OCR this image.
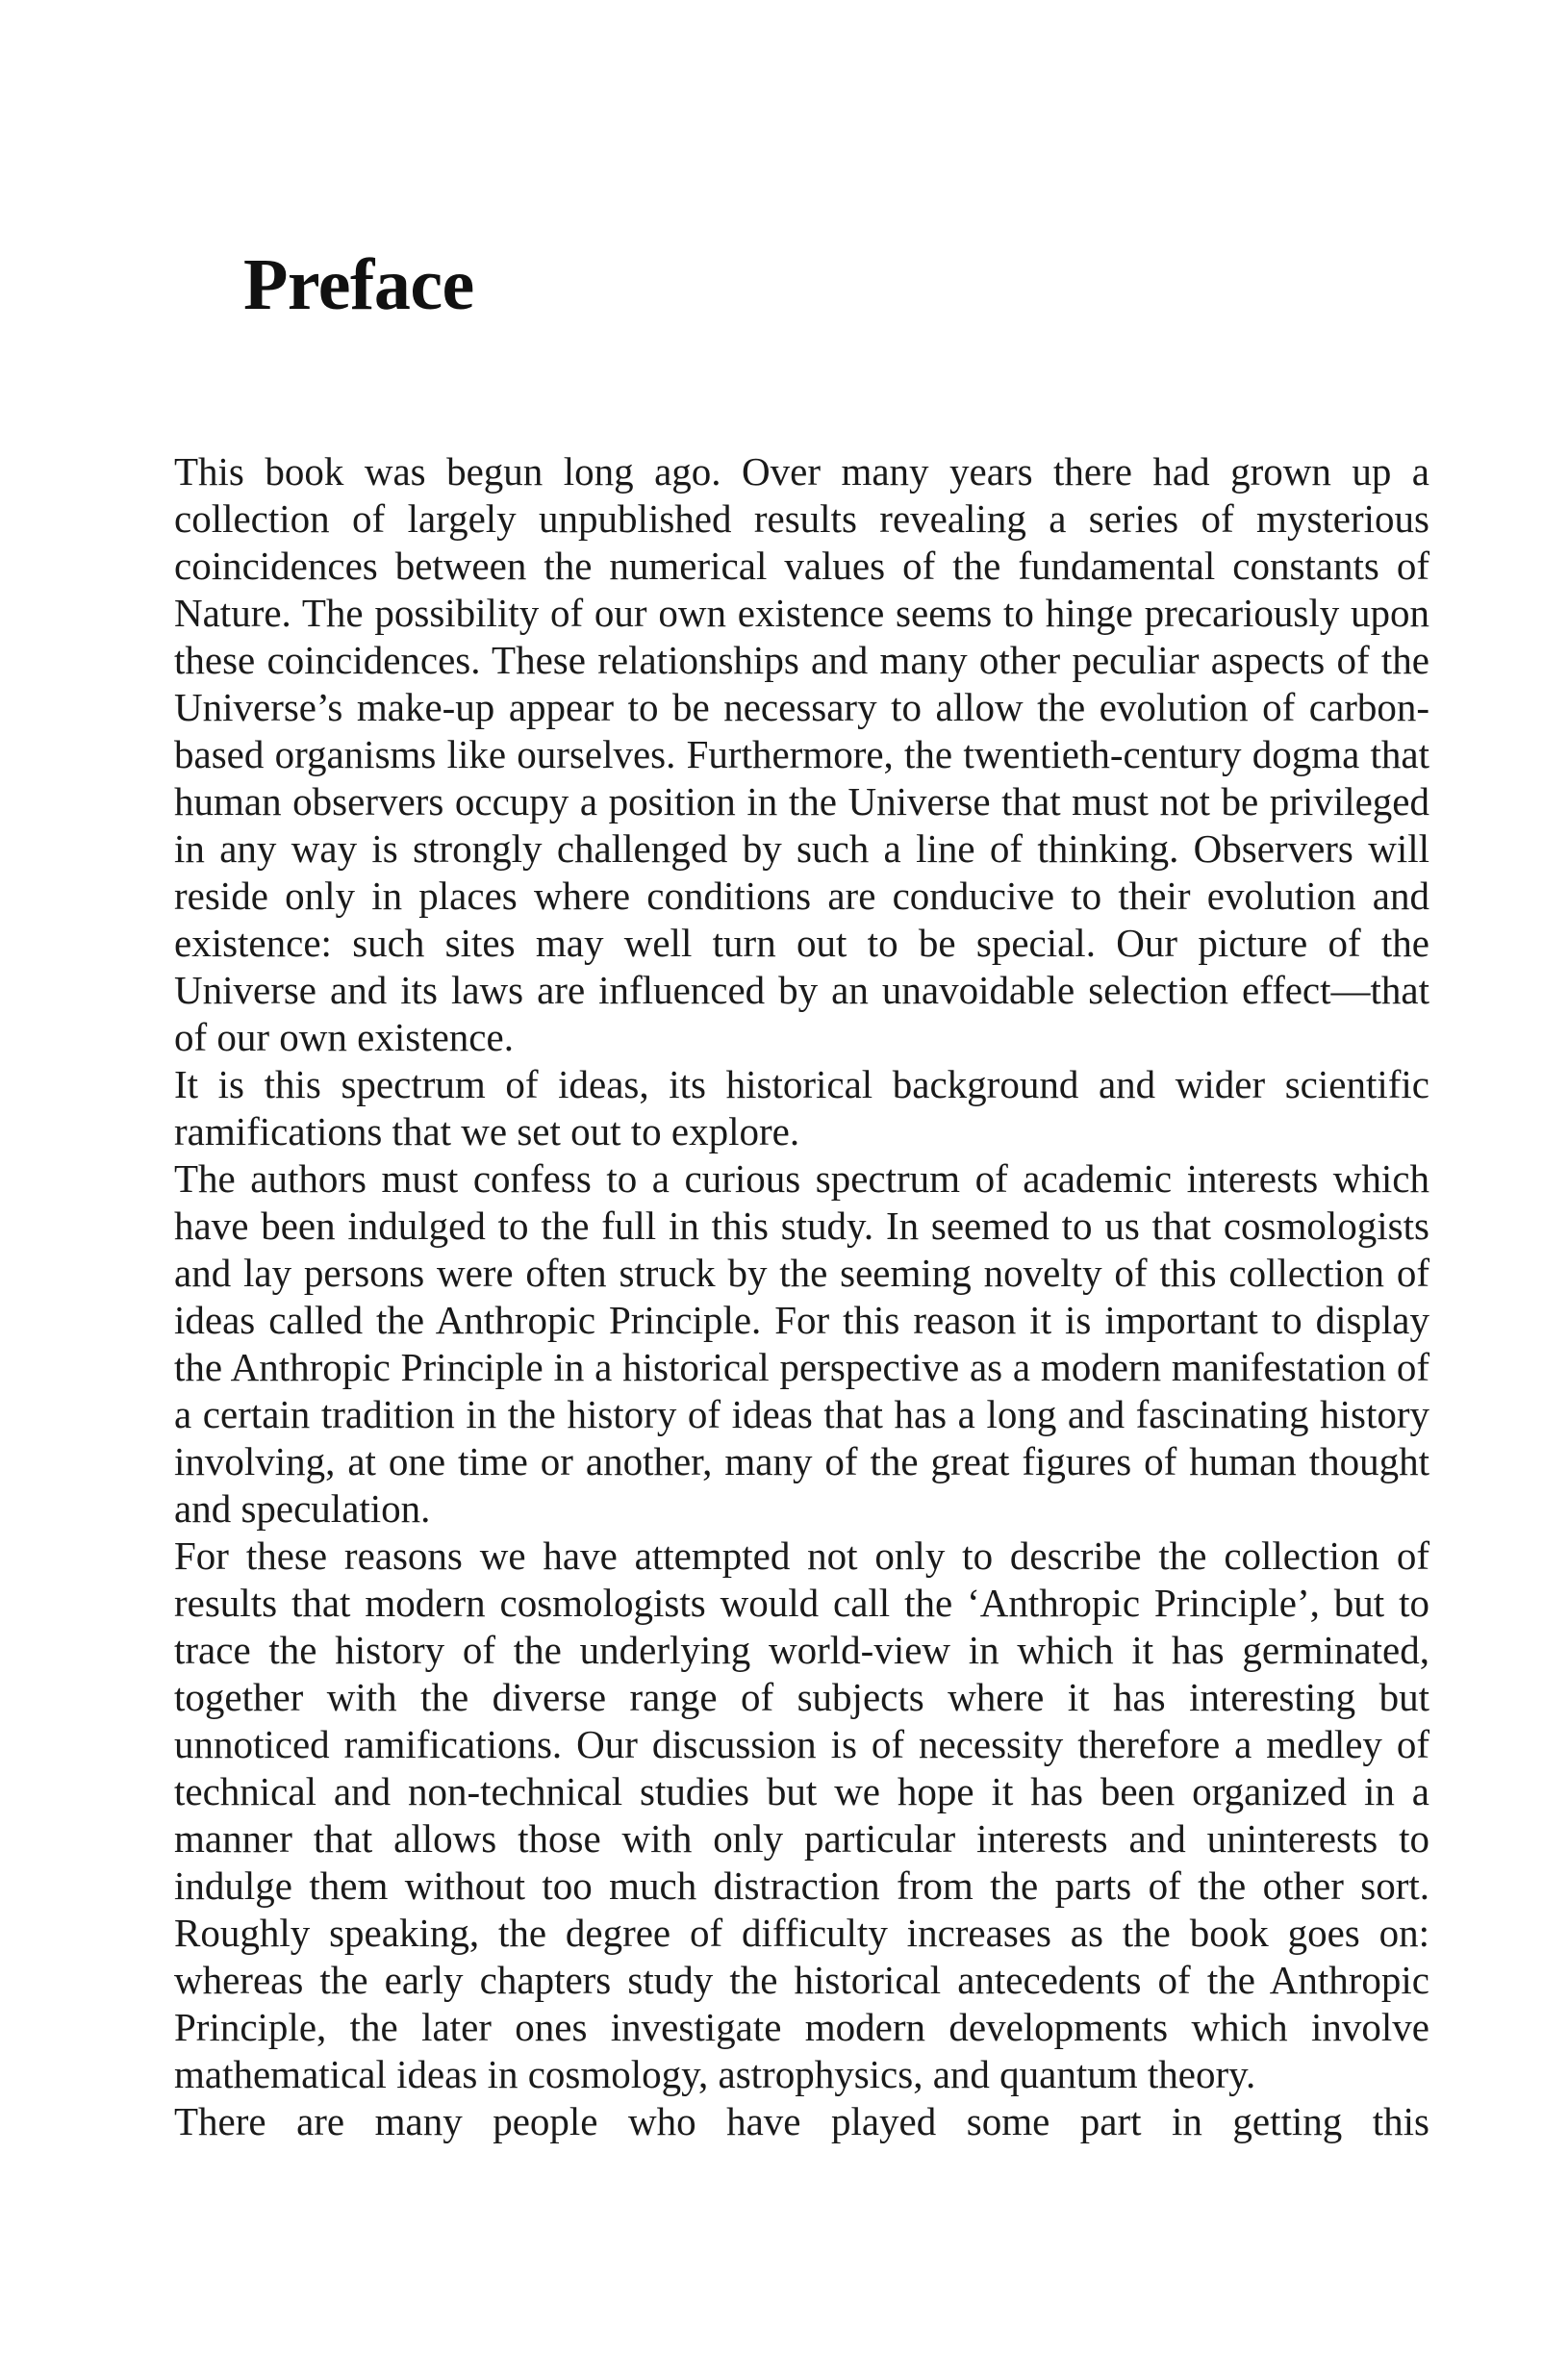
Preface

This book was begun long ago. Over many years there had grown up a collection of largely unpublished results revealing a series of mysterious coincidences between the numerical values of the fundamental constants of Nature. The possibility of our own existence seems to hinge precariously upon these coincidences. These relationships and many other peculiar aspects of the Universe’s make-up appear to be necessary to allow the evolution of carbon-based organisms like ourselves. Furthermore, the twentieth-century dogma that human observers occupy a position in the Universe that must not be privileged in any way is strongly challenged by such a line of thinking. Observers will reside only in places where conditions are conducive to their evolution and existence: such sites may well turn out to be special. Our picture of the Universe and its laws are influenced by an unavoidable selection effect—that of our own existence.

It is this spectrum of ideas, its historical background and wider scientific ramifications that we set out to explore.

The authors must confess to a curious spectrum of academic interests which have been indulged to the full in this study. In seemed to us that cosmologists and lay persons were often struck by the seeming novelty of this collection of ideas called the Anthropic Principle. For this reason it is important to display the Anthropic Principle in a historical perspective as a modern manifestation of a certain tradition in the history of ideas that has a long and fascinating history involving, at one time or another, many of the great figures of human thought and speculation.

For these reasons we have attempted not only to describe the collection of results that modern cosmologists would call the ‘Anthropic Principle’, but to trace the history of the underlying world-view in which it has germinated, together with the diverse range of subjects where it has interesting but unnoticed ramifications. Our discussion is of necessity therefore a medley of technical and non-technical studies but we hope it has been organized in a manner that allows those with only particular interests and uninterests to indulge them without too much distraction from the parts of the other sort. Roughly speaking, the degree of difficulty increases as the book goes on: whereas the early chapters study the historical antecedents of the Anthropic Principle, the later ones investigate modern developments which involve mathematical ideas in cosmology, astrophysics, and quantum theory.

There are many people who have played some part in getting this
